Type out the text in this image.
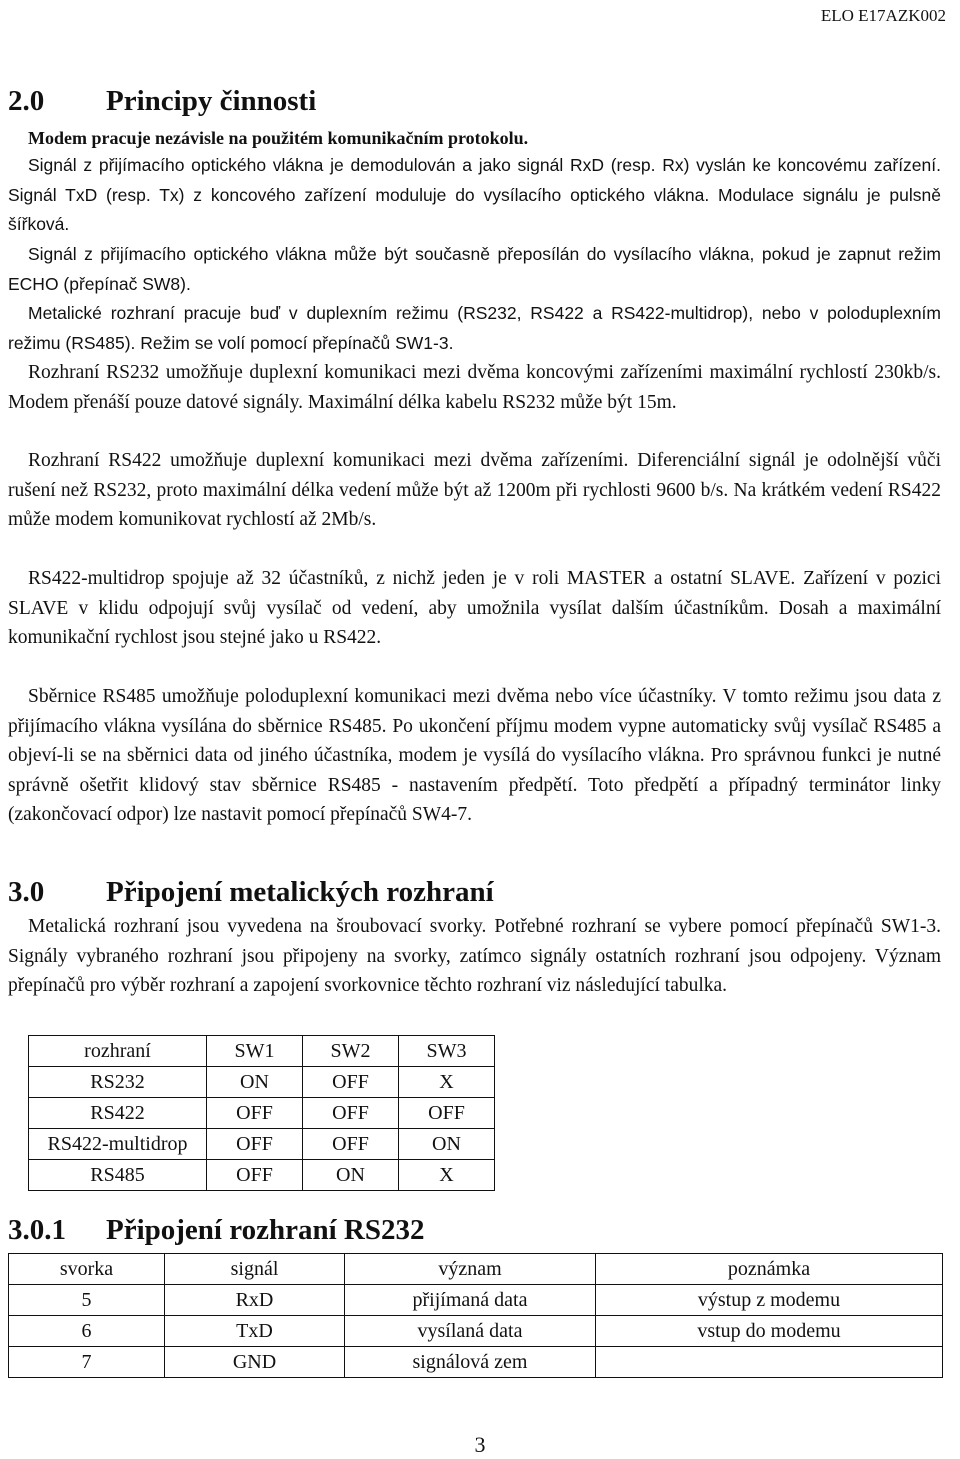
ELO E17AZK002
2.0 Principy činnosti
Modem pracuje nezávisle na použitém komunikačním protokolu.
Signál z přijímacího optického vlákna je demodulován a jako signál RxD (resp. Rx) vyslán ke koncovému zařízení. Signál TxD (resp. Tx) z koncového zařízení moduluje do vysílacího optického vlákna. Modulace signálu je pulsně šířková.
Signál z přijímacího optického vlákna může být současně přeposílán do vysílacího vlákna, pokud je zapnut režim ECHO (přepínač SW8).
Metalické rozhraní pracuje buď v duplexním režimu (RS232, RS422 a RS422-multidrop), nebo v poloduplexním režimu (RS485). Režim se volí pomocí přepínačů SW1-3.
Rozhraní RS232 umožňuje duplexní komunikaci mezi dvěma koncovými zařízeními maximální rychlostí 230kb/s. Modem přenáší pouze datové signály. Maximální délka kabelu RS232 může být 15m.
Rozhraní RS422 umožňuje duplexní komunikaci mezi dvěma zařízeními. Diferenciální signál je odolnější vůči rušení než RS232, proto maximální délka vedení může být až 1200m při rychlosti 9600 b/s. Na krátkém vedení RS422 může modem komunikovat rychlostí až 2Mb/s.
RS422-multidrop spojuje až 32 účastníků, z nichž jeden je v roli MASTER a ostatní SLAVE. Zařízení v pozici SLAVE v klidu odpojují svůj vysílač od vedení, aby umožnila vysílat dalším účastníkům. Dosah a maximální komunikační rychlost jsou stejné jako u RS422.
Sběrnice RS485 umožňuje poloduplexní komunikaci mezi dvěma nebo více účastníky. V tomto režimu jsou data z přijímacího vlákna vysílána do sběrnice RS485. Po ukončení příjmu modem vypne automaticky svůj vysílač RS485 a objeví-li se na sběrnici data od jiného účastníka, modem je vysílá do vysílacího vlákna. Pro správnou funkci je nutné správně ošetřit klidový stav sběrnice RS485 - nastavením předpětí. Toto předpětí a případný terminátor linky (zakončovací odpor) lze nastavit pomocí přepínačů SW4-7.
3.0 Připojení metalických rozhraní
Metalická rozhraní jsou vyvedena na šroubovací svorky. Potřebné rozhraní se vybere pomocí přepínačů SW1-3. Signály vybraného rozhraní jsou připojeny na svorky, zatímco signály ostatních rozhraní jsou odpojeny. Význam přepínačů pro výběr rozhraní a zapojení svorkovnice těchto rozhraní viz následující tabulka.
rozhraní	SW1	SW2	SW3
RS232	ON	OFF	X
RS422	OFF	OFF	OFF
RS422-multidrop	OFF	OFF	ON
RS485	OFF	ON	X
3.0.1 Připojení rozhraní RS232
svorka	signál	význam	poznámka
5	RxD	přijímaná data	výstup z modemu
6	TxD	vysílaná data	vstup do modemu
7	GND	signálová zem	
3
